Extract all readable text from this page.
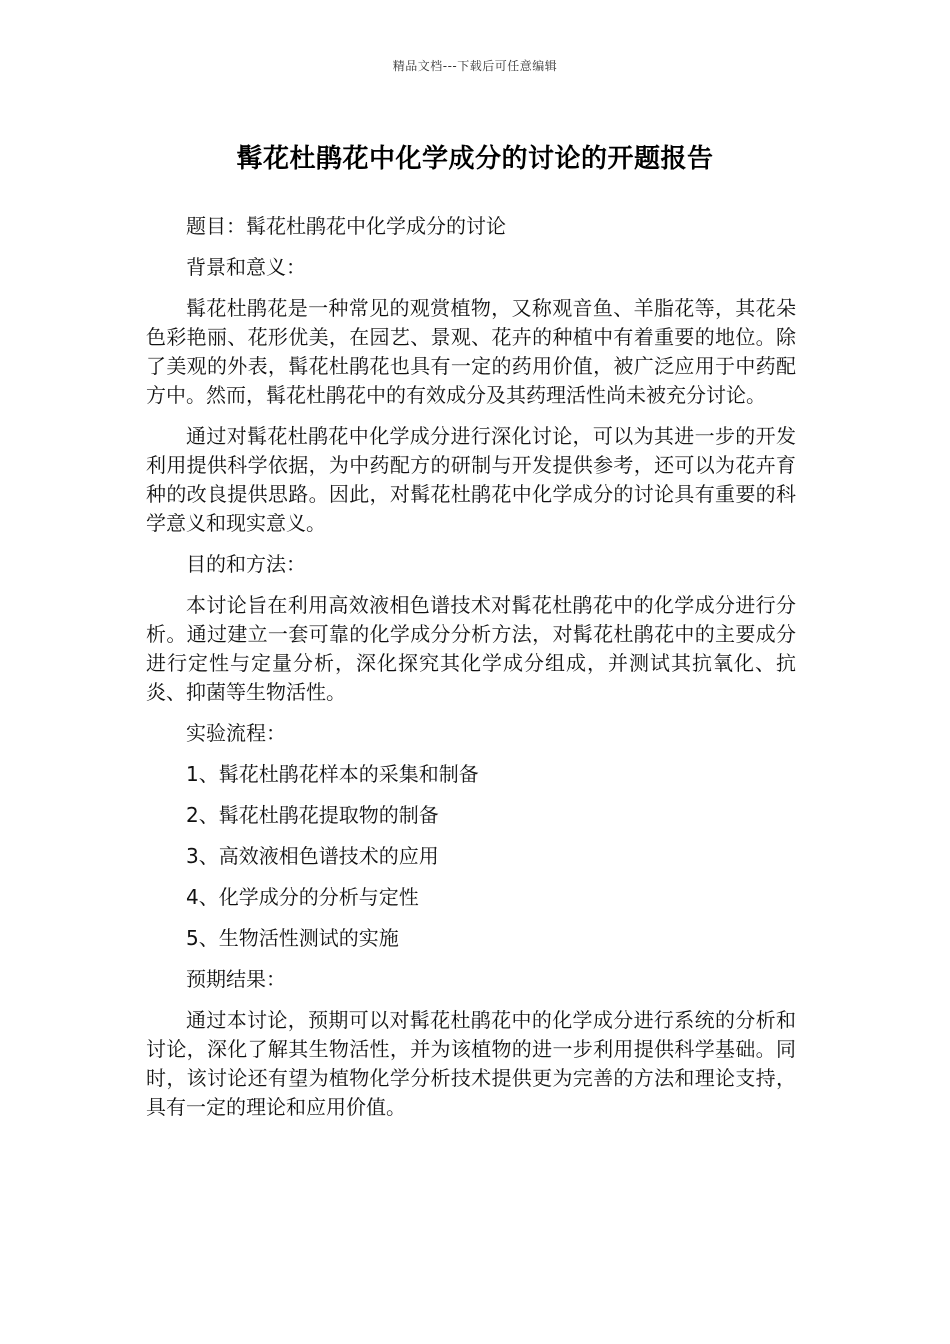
精品文档---下载后可任意编辑
髯花杜鹃花中化学成分的讨论的开题报告

题目：髯花杜鹃花中化学成分的讨论

背景和意义：

髯花杜鹃花是一种常见的观赏植物，又称观音鱼、羊脂花等，其花朵色彩艳丽、花形优美，在园艺、景观、花卉的种植中有着重要的地位。除了美观的外表，髯花杜鹃花也具有一定的药用价值，被广泛应用于中药配方中。然而，髯花杜鹃花中的有效成分及其药理活性尚未被充分讨论。

通过对髯花杜鹃花中化学成分进行深化讨论，可以为其进一步的开发利用提供科学依据，为中药配方的研制与开发提供参考，还可以为花卉育种的改良提供思路。因此，对髯花杜鹃花中化学成分的讨论具有重要的科学意义和现实意义。

目的和方法：

本讨论旨在利用高效液相色谱技术对髯花杜鹃花中的化学成分进行分析。通过建立一套可靠的化学成分分析方法，对髯花杜鹃花中的主要成分进行定性与定量分析，深化探究其化学成分组成，并测试其抗氧化、抗炎、抑菌等生物活性。

实验流程：

1、髯花杜鹃花样本的采集和制备

2、髯花杜鹃花提取物的制备

3、高效液相色谱技术的应用

4、化学成分的分析与定性

5、生物活性测试的实施

预期结果：

通过本讨论，预期可以对髯花杜鹃花中的化学成分进行系统的分析和讨论，深化了解其生物活性，并为该植物的进一步利用提供科学基础。同时，该讨论还有望为植物化学分析技术提供更为完善的方法和理论支持，具有一定的理论和应用价值。
